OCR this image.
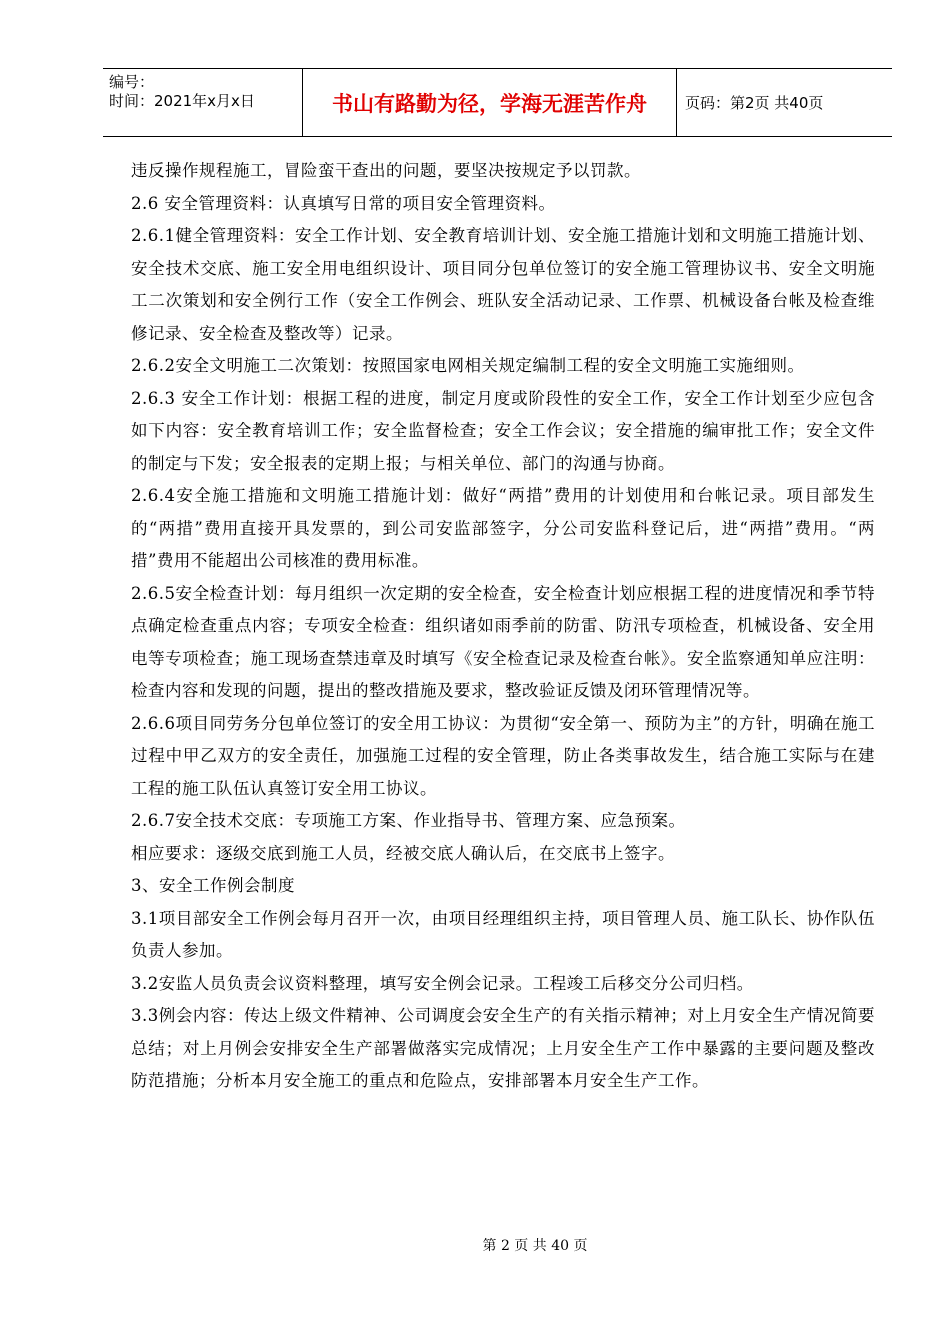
编号：
时间：2021年x月x日	书山有路勤为径，学海无涯苦作舟	页码：第2页 共40页

违反操作规程施工，冒险蛮干查出的问题，要坚决按规定予以罚款。

2.6 安全管理资料：认真填写日常的项目安全管理资料。

2.6.1健全管理资料：安全工作计划、安全教育培训计划、安全施工措施计划和文明施工措施计划、安全技术交底、施工安全用电组织设计、项目同分包单位签订的安全施工管理协议书、安全文明施工二次策划和安全例行工作（安全工作例会、班队安全活动记录、工作票、机械设备台帐及检查维修记录、安全检查及整改等）记录。

2.6.2安全文明施工二次策划：按照国家电网相关规定编制工程的安全文明施工实施细则。

2.6.3 安全工作计划：根据工程的进度，制定月度或阶段性的安全工作，安全工作计划至少应包含如下内容：安全教育培训工作；安全监督检查；安全工作会议；安全措施的编审批工作；安全文件的制定与下发；安全报表的定期上报；与相关单位、部门的沟通与协商。

2.6.4安全施工措施和文明施工措施计划：做好“两措”费用的计划使用和台帐记录。项目部发生的“两措”费用直接开具发票的，到公司安监部签字，分公司安监科登记后，进“两措”费用。“两措”费用不能超出公司核准的费用标准。

2.6.5安全检查计划：每月组织一次定期的安全检查，安全检查计划应根据工程的进度情况和季节特点确定检查重点内容；专项安全检查：组织诸如雨季前的防雷、防汛专项检查，机械设备、安全用电等专项检查；施工现场查禁违章及时填写《安全检查记录及检查台帐》。安全监察通知单应注明：检查内容和发现的问题，提出的整改措施及要求，整改验证反馈及闭环管理情况等。

2.6.6项目同劳务分包单位签订的安全用工协议：为贯彻“安全第一、预防为主”的方针，明确在施工过程中甲乙双方的安全责任，加强施工过程的安全管理，防止各类事故发生，结合施工实际与在建工程的施工队伍认真签订安全用工协议。

2.6.7安全技术交底：专项施工方案、作业指导书、管理方案、应急预案。

相应要求：逐级交底到施工人员，经被交底人确认后，在交底书上签字。

3、安全工作例会制度

3.1项目部安全工作例会每月召开一次，由项目经理组织主持，项目管理人员、施工队长、协作队伍负责人参加。

3.2安监人员负责会议资料整理，填写安全例会记录。工程竣工后移交分公司归档。

3.3例会内容：传达上级文件精神、公司调度会安全生产的有关指示精神；对上月安全生产情况简要总结；对上月例会安排安全生产部署做落实完成情况；上月安全生产工作中暴露的主要问题及整改防范措施；分析本月安全施工的重点和危险点，安排部署本月安全生产工作。

第 2 页 共 40 页
